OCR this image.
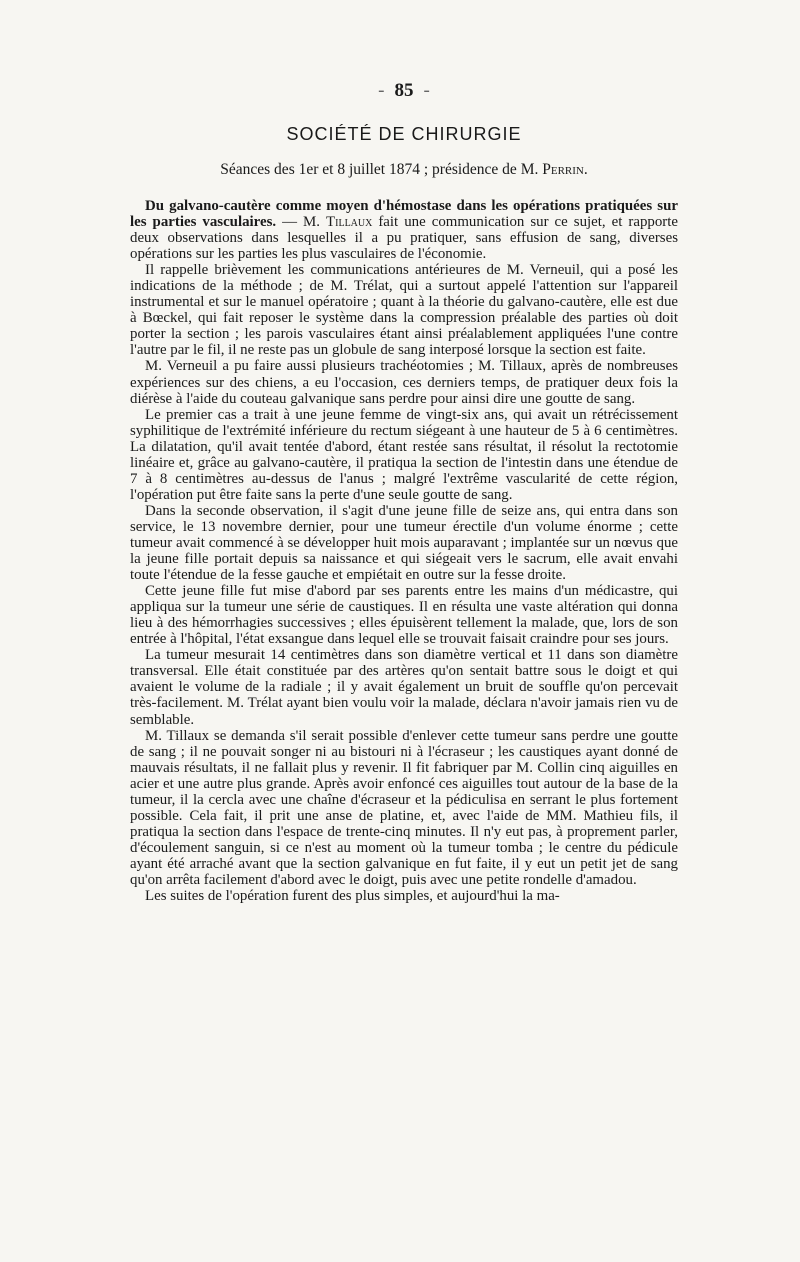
- 85 -
SOCIÉTÉ DE CHIRURGIE
Séances des 1er et 8 juillet 1874 ; présidence de M. Perrin.

Du galvano-cautère comme moyen d'hémostase dans les opérations pratiquées sur les parties vasculaires. — M. Tillaux fait une communication sur ce sujet, et rapporte deux observations dans lesquelles il a pu pratiquer, sans effusion de sang, diverses opérations sur les parties les plus vasculaires de l'économie.

Il rappelle brièvement les communications antérieures de M. Verneuil, qui a posé les indications de la méthode ; de M. Trélat, qui a surtout appelé l'attention sur l'appareil instrumental et sur le manuel opératoire ; quant à la théorie du galvano-cautère, elle est due à Bœckel, qui fait reposer le système dans la compression préalable des parties où doit porter la section ; les parois vasculaires étant ainsi préalablement appliquées l'une contre l'autre par le fil, il ne reste pas un globule de sang interposé lorsque la section est faite.

M. Verneuil a pu faire aussi plusieurs trachéotomies ; M. Tillaux, après de nombreuses expériences sur des chiens, a eu l'occasion, ces derniers temps, de pratiquer deux fois la diérèse à l'aide du couteau galvanique sans perdre pour ainsi dire une goutte de sang.

Le premier cas a trait à une jeune femme de vingt-six ans, qui avait un rétrécissement syphilitique de l'extrémité inférieure du rectum siégeant à une hauteur de 5 à 6 centimètres. La dilatation, qu'il avait tentée d'abord, étant restée sans résultat, il résolut la rectotomie linéaire et, grâce au galvano-cautère, il pratiqua la section de l'intestin dans une étendue de 7 à 8 centimètres au-dessus de l'anus ; malgré l'extrême vascularité de cette région, l'opération put être faite sans la perte d'une seule goutte de sang.

Dans la seconde observation, il s'agit d'une jeune fille de seize ans, qui entra dans son service, le 13 novembre dernier, pour une tumeur érectile d'un volume énorme ; cette tumeur avait commencé à se développer huit mois auparavant ; implantée sur un nœvus que la jeune fille portait depuis sa naissance et qui siégeait vers le sacrum, elle avait envahi toute l'étendue de la fesse gauche et empiétait en outre sur la fesse droite.

Cette jeune fille fut mise d'abord par ses parents entre les mains d'un médicastre, qui appliqua sur la tumeur une série de caustiques. Il en résulta une vaste altération qui donna lieu à des hémorrhagies successives ; elles épuisèrent tellement la malade, que, lors de son entrée à l'hôpital, l'état exsangue dans lequel elle se trouvait faisait craindre pour ses jours.

La tumeur mesurait 14 centimètres dans son diamètre vertical et 11 dans son diamètre transversal. Elle était constituée par des artères qu'on sentait battre sous le doigt et qui avaient le volume de la radiale ; il y avait également un bruit de souffle qu'on percevait très-facilement. M. Trélat ayant bien voulu voir la malade, déclara n'avoir jamais rien vu de semblable.

M. Tillaux se demanda s'il serait possible d'enlever cette tumeur sans perdre une goutte de sang ; il ne pouvait songer ni au bistouri ni à l'écraseur ; les caustiques ayant donné de mauvais résultats, il ne fallait plus y revenir. Il fit fabriquer par M. Collin cinq aiguilles en acier et une autre plus grande. Après avoir enfoncé ces aiguilles tout autour de la base de la tumeur, il la cercla avec une chaîne d'écraseur et la pédiculisa en serrant le plus fortement possible. Cela fait, il prit une anse de platine, et, avec l'aide de MM. Mathieu fils, il pratiqua la section dans l'espace de trente-cinq minutes. Il n'y eut pas, à proprement parler, d'écoulement sanguin, si ce n'est au moment où la tumeur tomba ; le centre du pédicule ayant été arraché avant que la section galvanique en fut faite, il y eut un petit jet de sang qu'on arrêta facilement d'abord avec le doigt, puis avec une petite rondelle d'amadou.

Les suites de l'opération furent des plus simples, et aujourd'hui la ma-
